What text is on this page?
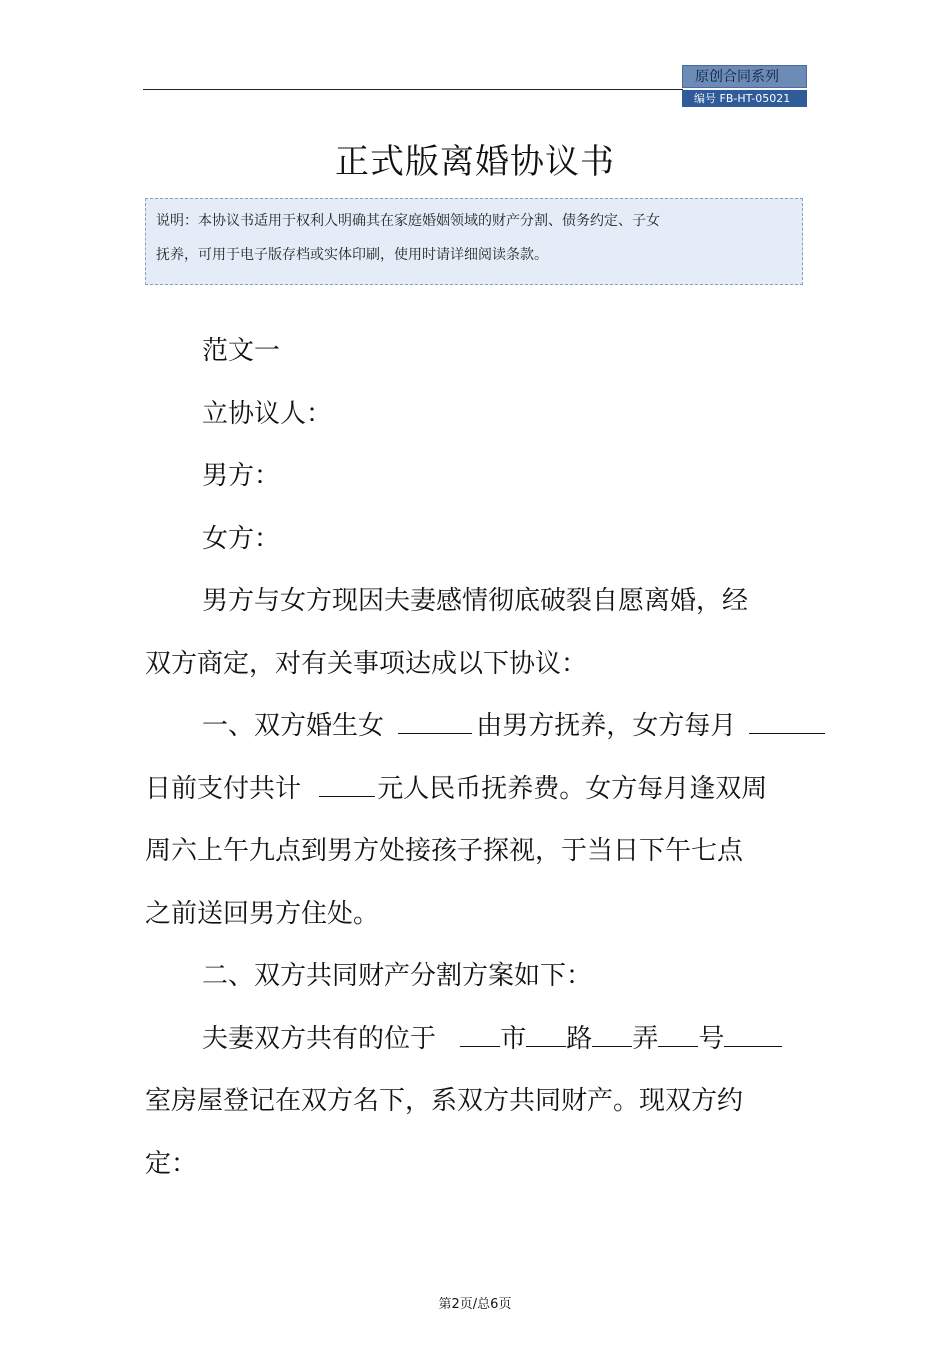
原创合同系列
编号 FB-HT-05021
正式版离婚协议书
说明：本协议书适用于权利人明确其在家庭婚姻领域的财产分割、债务约定、子女
抚养，可用于电子版存档或实体印刷，使用时请详细阅读条款。
范文一
立协议人：
男方：
女方：
男方与女方现因夫妻感情彻底破裂自愿离婚，经
双方商定，对有关事项达成以下协议：
一、双方婚生女	由男方抚养，女方每月
日前支付共计	元人民币抚养费。女方每月逢双周
周六上午九点到男方处接孩子探视，于当日下午七点
之前送回男方住处。
二、双方共同财产分割方案如下：
夫妻双方共有的位于 市 路 弄 号
室房屋登记在双方名下，系双方共同财产。现双方约
定：
第2页/总6页
